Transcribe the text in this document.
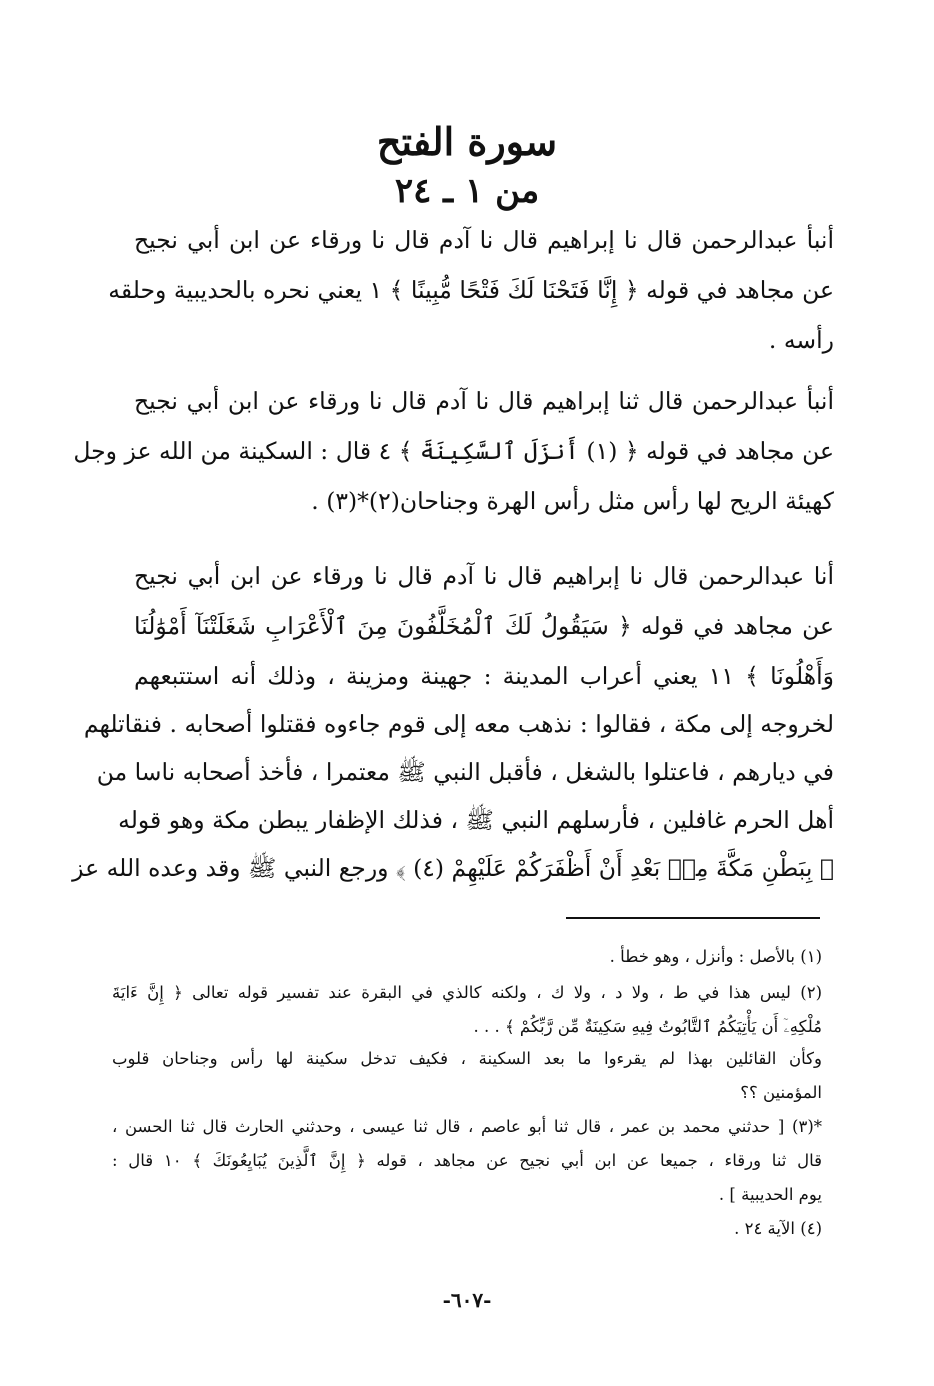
سورة الفتح
من ١ ـ ٢٤
أنبأ عبدالرحمن قال نا إبراهيم قال نا آدم قال نا ورقاء عن ابن أبي نجيح
عن مجاهد في قوله ﴿ إِنَّا فَتَحْنَا لَكَ فَتْحًا مُّبِينًا ﴾ ١ يعني نحره بالحديبية وحلقه
رأسه .
أنبأ عبدالرحمن قال ثنا إبراهيم قال نا آدم قال نا ورقاء عن ابن أبي نجيح
عن مجاهد في قوله ﴿ (١) أَنزَلَ ٱلسَّكِينَةَ ﴾ ٤ قال : السكينة من الله عز وجل
كهيئة الريح لها رأس مثل رأس الهرة وجناحان(٢)*(٣) .
أنا عبدالرحمن قال نا إبراهيم قال نا آدم قال نا ورقاء عن ابن أبي نجيح
عن مجاهد في قوله ﴿ سَيَقُولُ لَكَ ٱلْمُخَلَّفُونَ مِنَ ٱلْأَعْرَابِ شَغَلَتْنَآ أَمْوَٰلُنَا
وَأَهْلُونَا ﴾ ١١ يعني أعراب المدينة : جهينة ومزينة ، وذلك أنه استتبعهم
لخروجه إلى مكة ، فقالوا : نذهب معه إلى قوم جاءوه فقتلوا أصحابه . فنقاتلهم
في ديارهم ، فاعتلوا بالشغل ، فأقبل النبي ﷺ معتمرا ، فأخذ أصحابه ناسا من
أهل الحرم غافلين ، فأرسلهم النبي ﷺ ، فذلك الإظفار يبطن مكة وهو قوله
﴿ بِبَطْنِ مَكَّةَ مِنۢ بَعْدِ أَنْ أَظْفَرَكُمْ عَلَيْهِمْ (٤) ﴾ ورجع النبي ﷺ وقد وعده الله عز
(١) بالأصل : وأنزل ، وهو خطأ .
(٢) ليس هذا في ط ، ولا د ، ولا ك ، ولكنه كالذي في البقرة عند تفسير قوله تعالى ﴿ إِنَّ ءَايَةَ
مُلْكِهِۦٓ أَن يَأْتِيَكُمُ ٱلتَّابُوتُ فِيهِ سَكِينَةٌ مِّن رَّبِّكُمْ ﴾ . . .
وكأن القائلين بهذا لم يقرءوا ما بعد السكينة ، فكيف تدخل سكينة لها رأس وجناحان قلوب
المؤمنين ؟؟
*(٣) [ حدثني محمد بن عمر ، قال ثنا أبو عاصم ، قال ثنا عيسى ، وحدثني الحارث قال ثنا الحسن ،
قال ثنا ورقاء ، جميعا عن ابن أبي نجيح عن مجاهد ، قوله ﴿ إِنَّ ٱلَّذِينَ يُبَايِعُونَكَ ﴾ ١٠ قال :
يوم الحديبية ] .
(٤) الآية ٢٤ .
-٦٠٧-
